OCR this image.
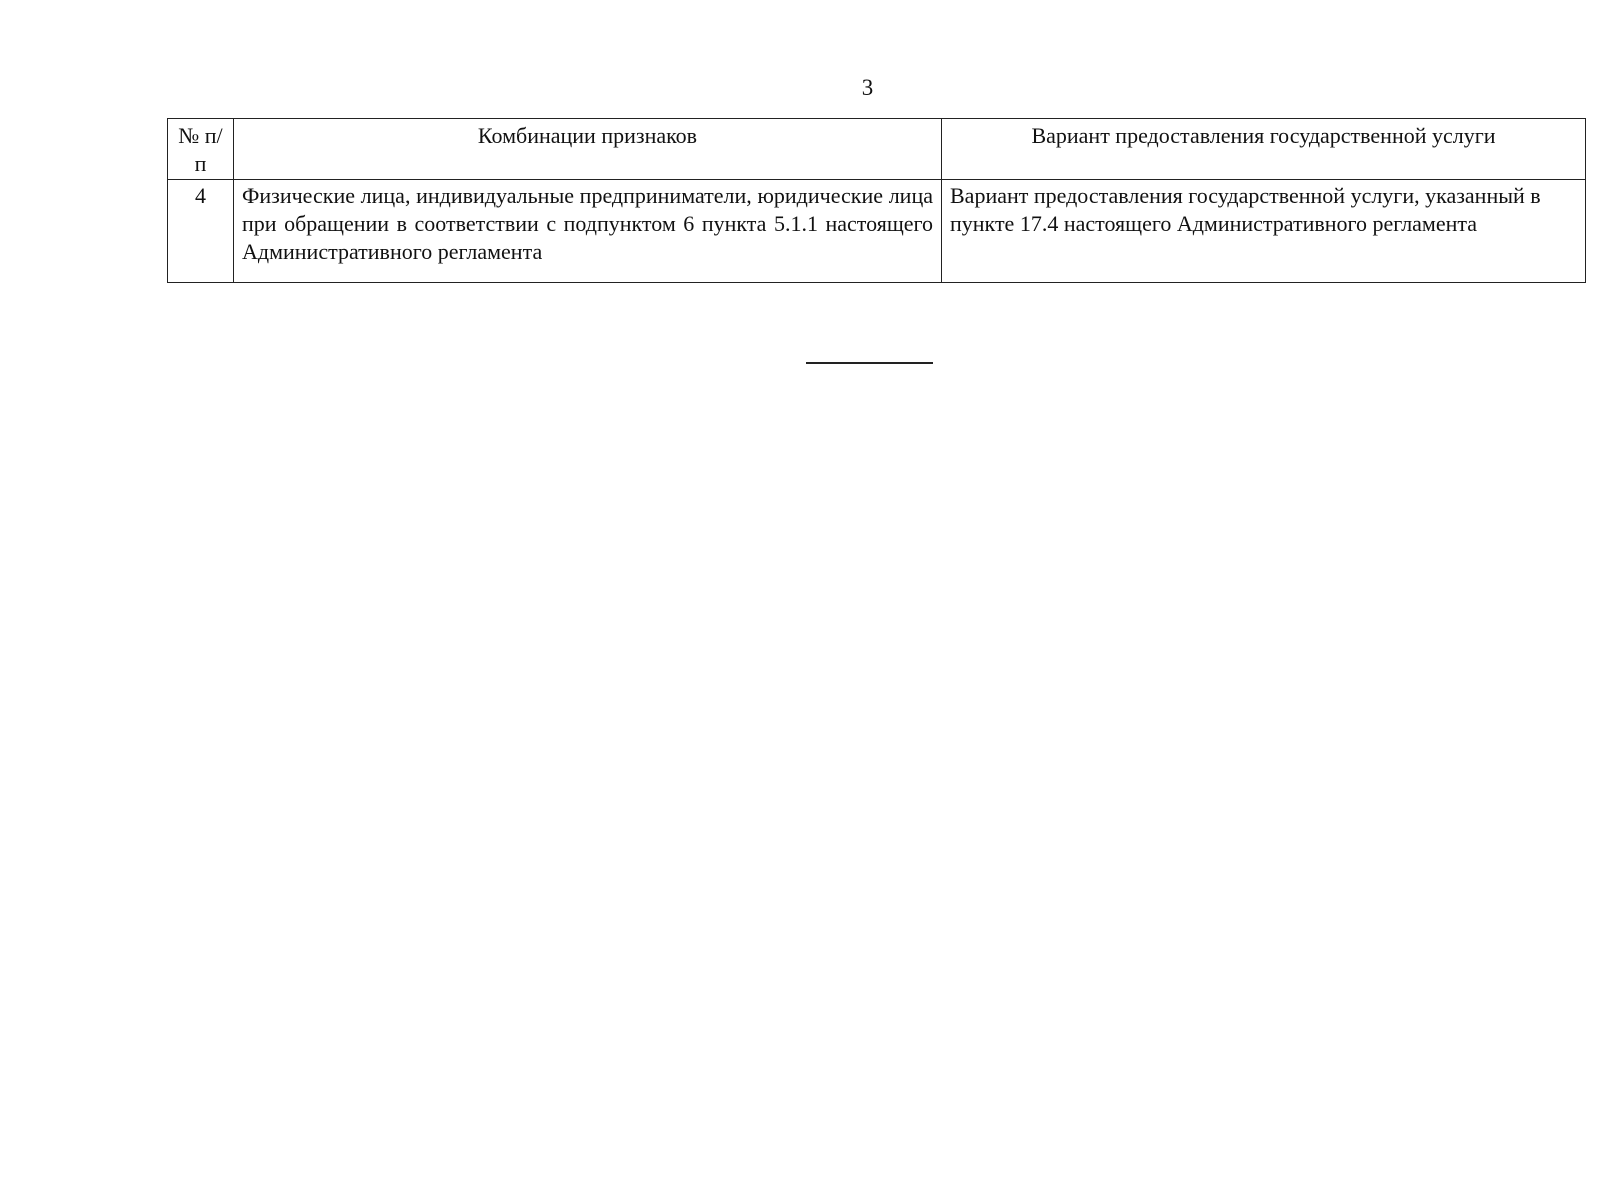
3
№ п/п	Комбинации признаков	Вариант предоставления государственной услуги
4	Физические лица, индивидуальные предприниматели, юридические лица при обращении в соответствии с подпунктом 6 пункта 5.1.1 настоящего Административного регламента	Вариант предоставления государственной услуги, указанный в пункте 17.4 настоящего Административного регламента
